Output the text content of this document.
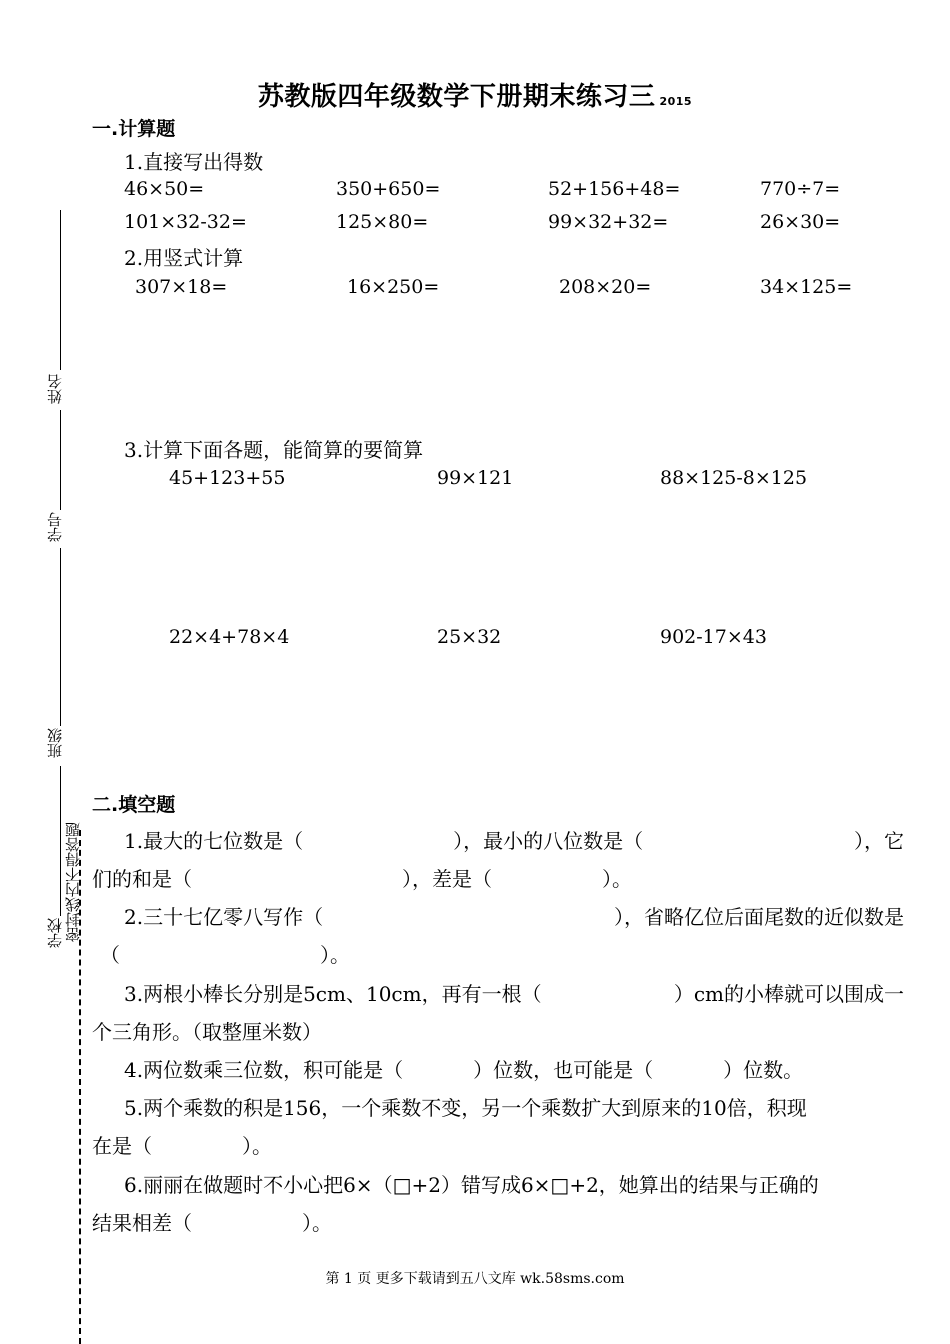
苏教版四年级数学下册期末练习三 2015
姓名
学号
班级
学校 密封线内不得答题
一.计算题
1.直接写出得数
46×50=	350+650=	52+156+48=	770÷7=
101×32-32=	125×80=	99×32+32=	26×30=
2.用竖式计算
307×18=	16×250=	208×20=	34×125=
3.计算下面各题，能简算的要简算
45+123+55	99×121	88×125-8×125
22×4+78×4	25×32	902-17×43
二.填空题
1.最大的七位数是（	），最小的八位数是（	），它
们的和是（	），差是（	）。
2.三十七亿零八写作（	），省略亿位后面尾数的近似数是
（	）。
3.两根小棒长分别是5cm、10cm，再有一根（	）cm的小棒就可以围成一
个三角形。（取整厘米数）
4.两位数乘三位数，积可能是（	）位数，也可能是（	）位数。
5.两个乘数的积是156，一个乘数不变，另一个乘数扩大到原来的10倍，积现
在是（	）。
6.丽丽在做题时不小心把6×（□+2）错写成6×□+2，她算出的结果与正确的
结果相差（	）。
第 1 页 更多下载请到五八文库 wk.58sms.com
